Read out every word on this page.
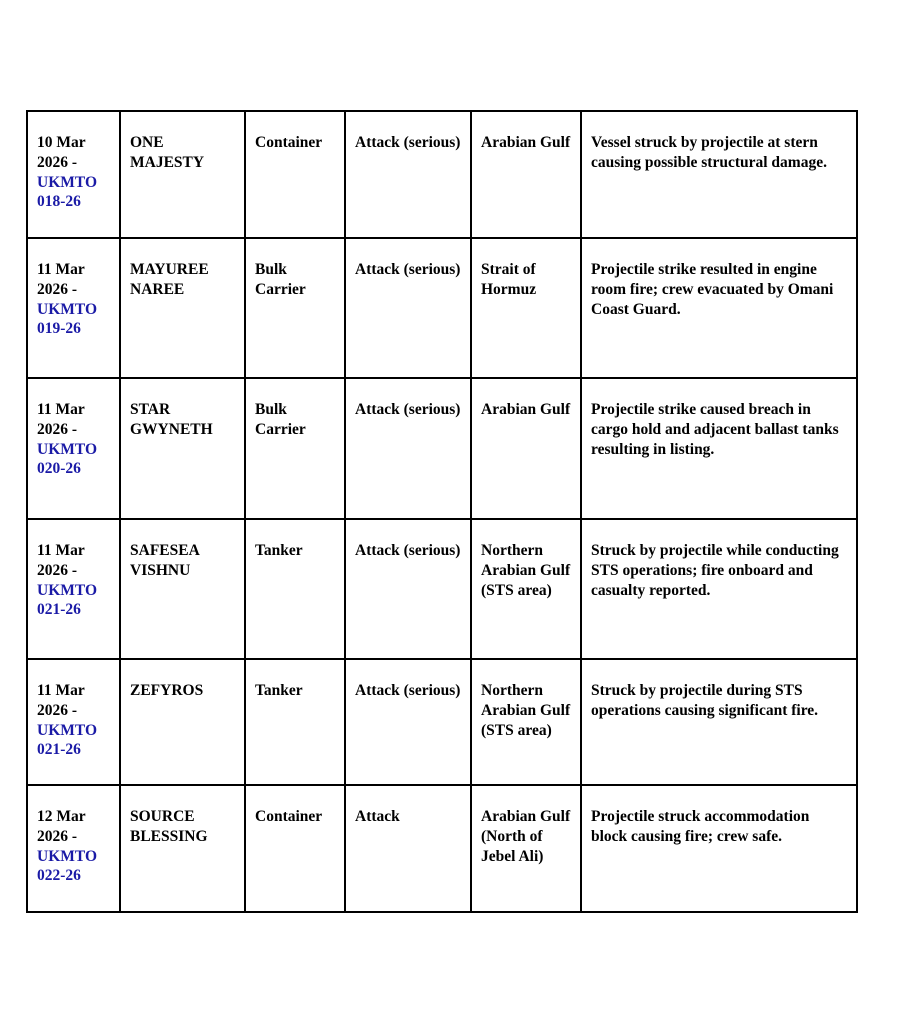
10 Mar 2026 -
UKMTO 018-26	ONE MAJESTY	Container	Attack (serious)	Arabian Gulf	Vessel struck by projectile at stern causing possible structural damage.

11 Mar 2026 -
UKMTO 019-26	MAYUREE NAREE	Bulk Carrier	Attack (serious)	Strait of Hormuz	Projectile strike resulted in engine room fire; crew evacuated by Omani Coast Guard.

11 Mar 2026 -
UKMTO 020-26	STAR GWYNETH	Bulk Carrier	Attack (serious)	Arabian Gulf	Projectile strike caused breach in cargo hold and adjacent ballast tanks resulting in listing.

11 Mar 2026 -
UKMTO 021-26	SAFESEA VISHNU	Tanker	Attack (serious)	Northern Arabian Gulf (STS area)	Struck by projectile while conducting STS operations; fire onboard and casualty reported.

11 Mar 2026 -
UKMTO 021-26	ZEFYROS	Tanker	Attack (serious)	Northern Arabian Gulf (STS area)	Struck by projectile during STS operations causing significant fire.

12 Mar 2026 -
UKMTO 022-26	SOURCE BLESSING	Container	Attack	Arabian Gulf (North of Jebel Ali)	Projectile struck accommodation block causing fire; crew safe.
